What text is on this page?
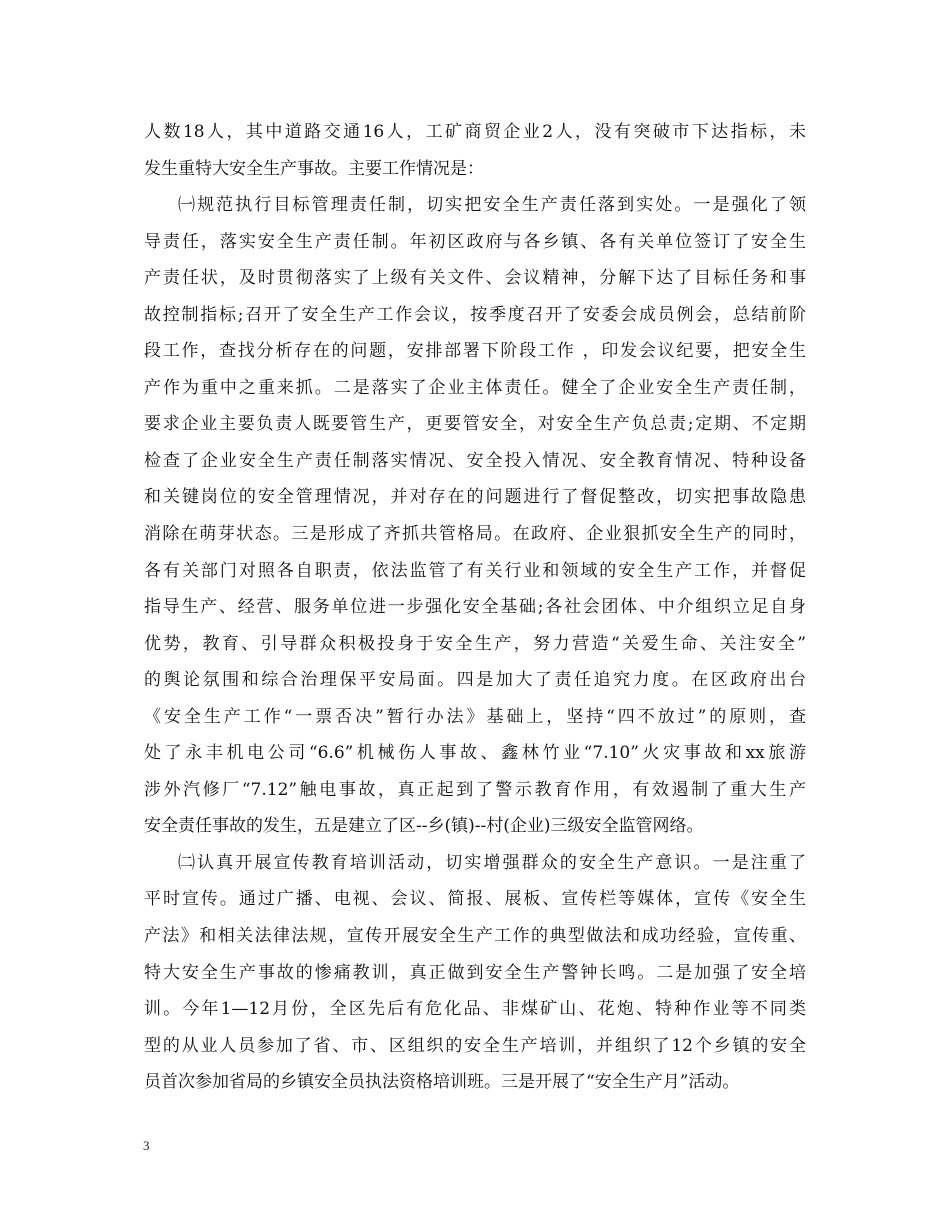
人数18人，其中道路交通16人，工矿商贸企业2人，没有突破市下达指标，未
发生重特大安全生产事故。主要工作情况是：
㈠规范执行目标管理责任制，切实把安全生产责任落到实处。一是强化了领
导责任，落实安全生产责任制。年初区政府与各乡镇、各有关单位签订了安全生
产责任状，及时贯彻落实了上级有关文件、会议精神，分解下达了目标任务和事
故控制指标;召开了安全生产工作会议，按季度召开了安委会成员例会，总结前阶
段工作，查找分析存在的问题，安排部署下阶段工作 ，印发会议纪要，把安全生
产作为重中之重来抓。二是落实了企业主体责任。健全了企业安全生产责任制，
要求企业主要负责人既要管生产，更要管安全，对安全生产负总责;定期、不定期
检查了企业安全生产责任制落实情况、安全投入情况、安全教育情况、特种设备
和关键岗位的安全管理情况，并对存在的问题进行了督促整改，切实把事故隐患
消除在萌芽状态。三是形成了齐抓共管格局。在政府、企业狠抓安全生产的同时，
各有关部门对照各自职责，依法监管了有关行业和领域的安全生产工作，并督促
指导生产、经营、服务单位进一步强化安全基础;各社会团体、中介组织立足自身
优势，教育、引导群众积极投身于安全生产，努力营造“关爱生命、关注安全”
的舆论氛围和综合治理保平安局面。四是加大了责任追究力度。在区政府出台
《安全生产工作“一票否决”暂行办法》基础上，坚持“四不放过”的原则，查
处了永丰机电公司“6.6”机械伤人事故、鑫林竹业“7.10”火灾事故和xx旅游
涉外汽修厂“7.12”触电事故，真正起到了警示教育作用，有效遏制了重大生产
安全责任事故的发生，五是建立了区--乡(镇)--村(企业)三级安全监管网络。
㈡认真开展宣传教育培训活动，切实增强群众的安全生产意识。一是注重了
平时宣传。通过广播、电视、会议、简报、展板、宣传栏等媒体，宣传《安全生
产法》和相关法律法规，宣传开展安全生产工作的典型做法和成功经验，宣传重、
特大安全生产事故的惨痛教训，真正做到安全生产警钟长鸣。二是加强了安全培
训。今年1—12月份，全区先后有危化品、非煤矿山、花炮、特种作业等不同类
型的从业人员参加了省、市、区组织的安全生产培训，并组织了12个乡镇的安全
员首次参加省局的乡镇安全员执法资格培训班。三是开展了“安全生产月”活动。
3
